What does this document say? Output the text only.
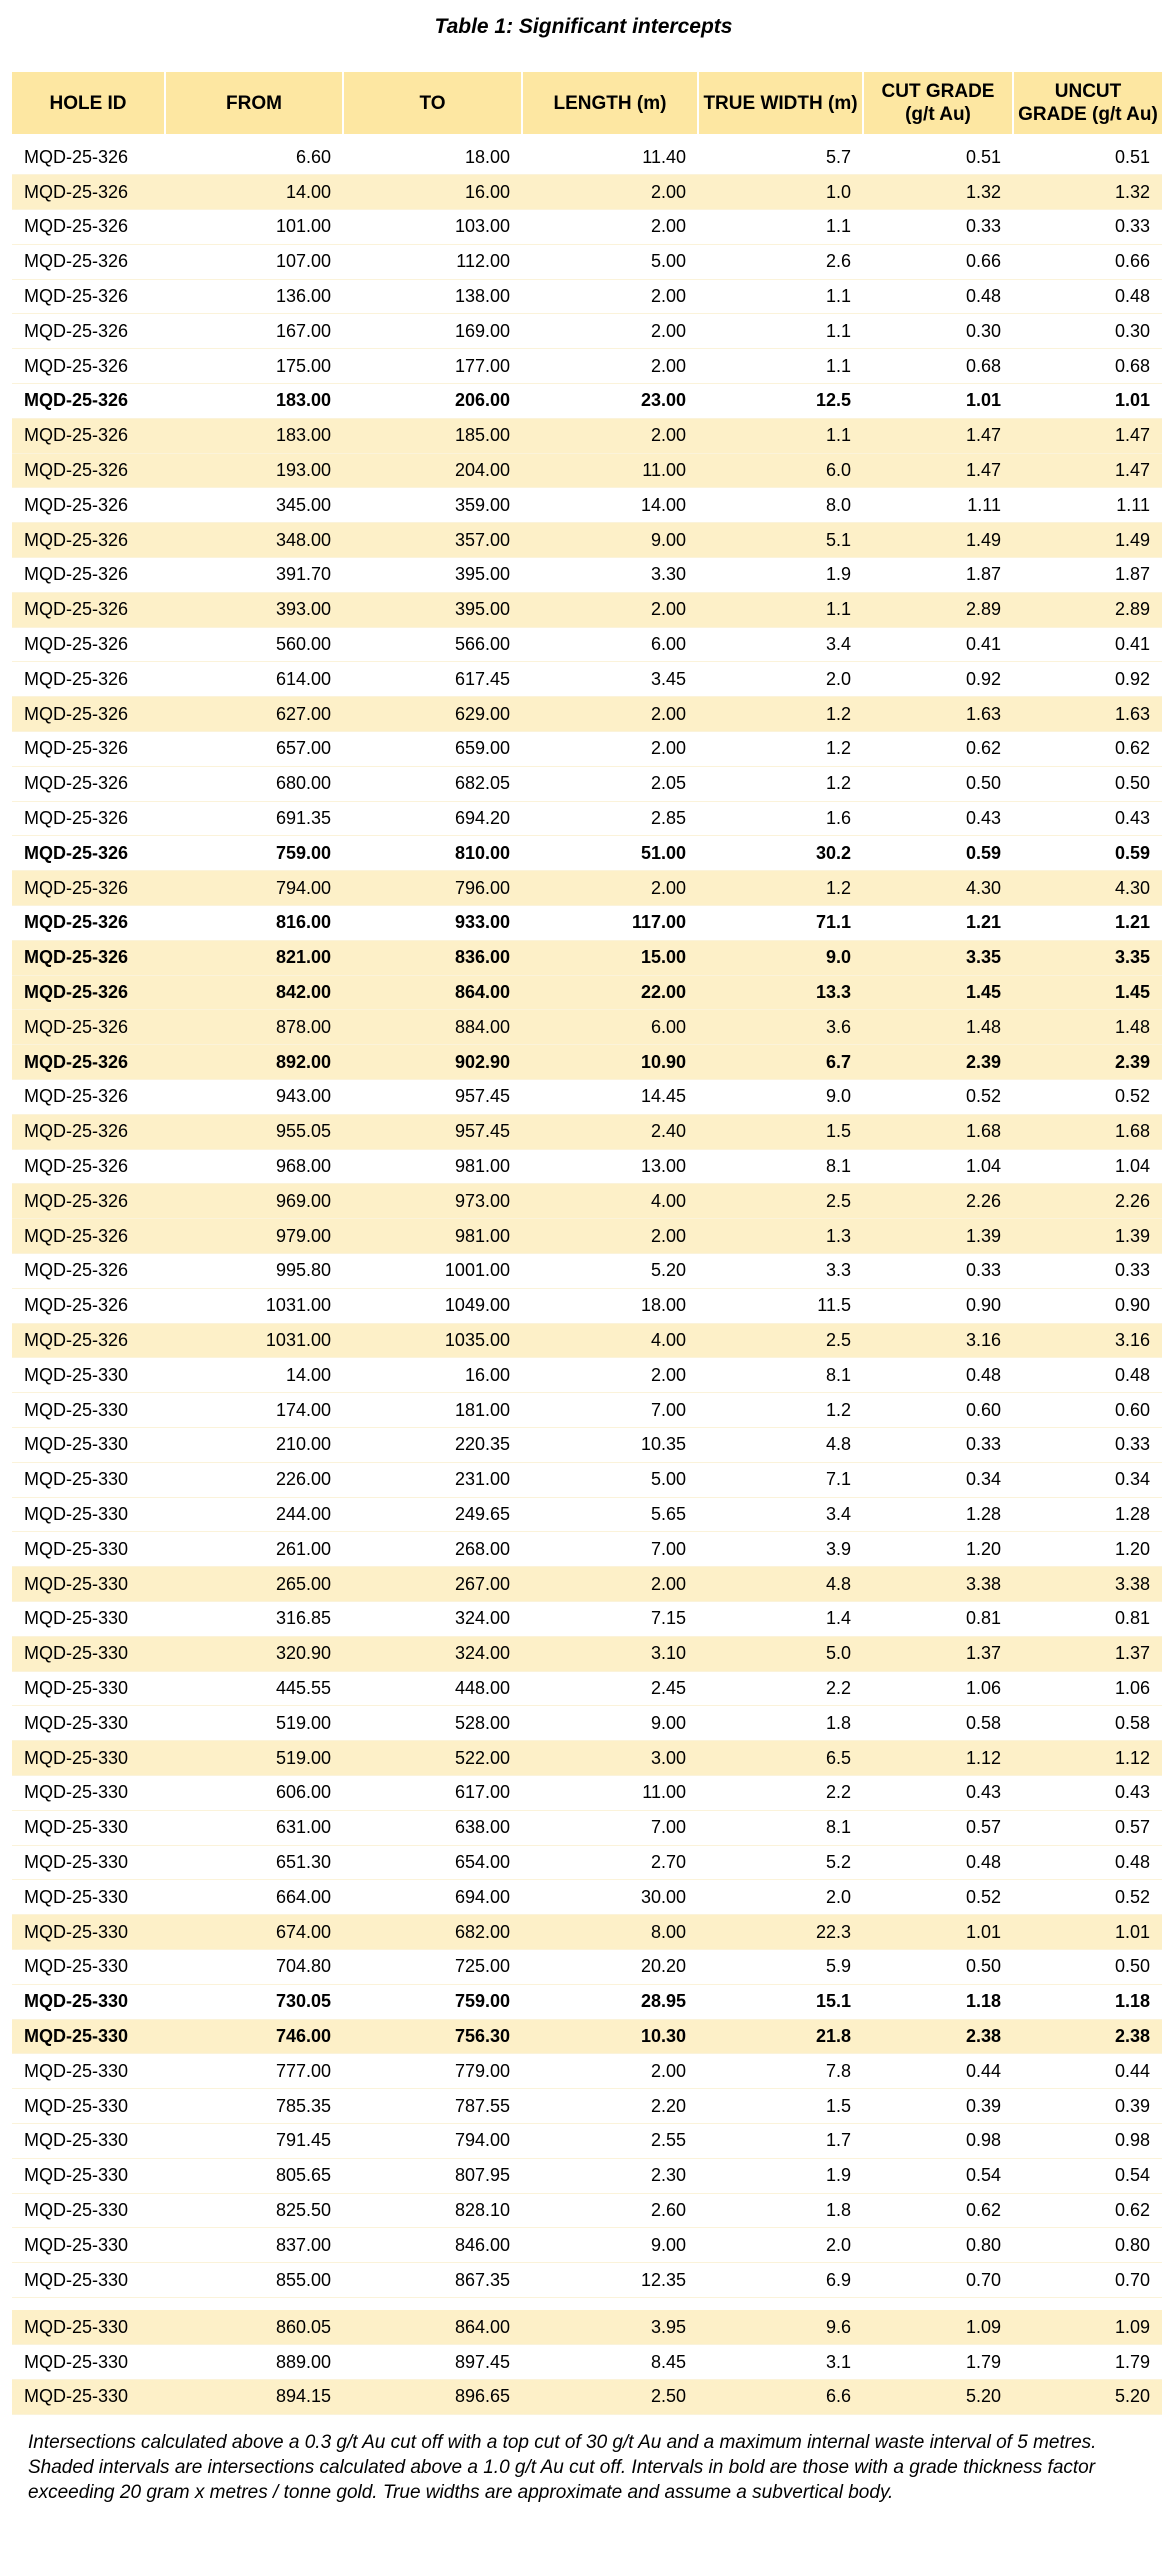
Table 1: Significant intercepts
HOLE ID	FROM	TO	LENGTH (m)	TRUE WIDTH (m)	CUT GRADE (g/t Au)	UNCUT GRADE (g/t Au)

MQD-25-326	6.60	18.00	11.40	5.7	0.51	0.51
MQD-25-326	14.00	16.00	2.00	1.0	1.32	1.32
MQD-25-326	101.00	103.00	2.00	1.1	0.33	0.33
MQD-25-326	107.00	112.00	5.00	2.6	0.66	0.66
MQD-25-326	136.00	138.00	2.00	1.1	0.48	0.48
MQD-25-326	167.00	169.00	2.00	1.1	0.30	0.30
MQD-25-326	175.00	177.00	2.00	1.1	0.68	0.68
MQD-25-326	183.00	206.00	23.00	12.5	1.01	1.01
MQD-25-326	183.00	185.00	2.00	1.1	1.47	1.47
MQD-25-326	193.00	204.00	11.00	6.0	1.47	1.47
MQD-25-326	345.00	359.00	14.00	8.0	1.11	1.11
MQD-25-326	348.00	357.00	9.00	5.1	1.49	1.49
MQD-25-326	391.70	395.00	3.30	1.9	1.87	1.87
MQD-25-326	393.00	395.00	2.00	1.1	2.89	2.89
MQD-25-326	560.00	566.00	6.00	3.4	0.41	0.41
MQD-25-326	614.00	617.45	3.45	2.0	0.92	0.92
MQD-25-326	627.00	629.00	2.00	1.2	1.63	1.63
MQD-25-326	657.00	659.00	2.00	1.2	0.62	0.62
MQD-25-326	680.00	682.05	2.05	1.2	0.50	0.50
MQD-25-326	691.35	694.20	2.85	1.6	0.43	0.43
MQD-25-326	759.00	810.00	51.00	30.2	0.59	0.59
MQD-25-326	794.00	796.00	2.00	1.2	4.30	4.30
MQD-25-326	816.00	933.00	117.00	71.1	1.21	1.21
MQD-25-326	821.00	836.00	15.00	9.0	3.35	3.35
MQD-25-326	842.00	864.00	22.00	13.3	1.45	1.45
MQD-25-326	878.00	884.00	6.00	3.6	1.48	1.48
MQD-25-326	892.00	902.90	10.90	6.7	2.39	2.39
MQD-25-326	943.00	957.45	14.45	9.0	0.52	0.52
MQD-25-326	955.05	957.45	2.40	1.5	1.68	1.68
MQD-25-326	968.00	981.00	13.00	8.1	1.04	1.04
MQD-25-326	969.00	973.00	4.00	2.5	2.26	2.26
MQD-25-326	979.00	981.00	2.00	1.3	1.39	1.39
MQD-25-326	995.80	1001.00	5.20	3.3	0.33	0.33
MQD-25-326	1031.00	1049.00	18.00	11.5	0.90	0.90
MQD-25-326	1031.00	1035.00	4.00	2.5	3.16	3.16
MQD-25-330	14.00	16.00	2.00	8.1	0.48	0.48
MQD-25-330	174.00	181.00	7.00	1.2	0.60	0.60
MQD-25-330	210.00	220.35	10.35	4.8	0.33	0.33
MQD-25-330	226.00	231.00	5.00	7.1	0.34	0.34
MQD-25-330	244.00	249.65	5.65	3.4	1.28	1.28
MQD-25-330	261.00	268.00	7.00	3.9	1.20	1.20
MQD-25-330	265.00	267.00	2.00	4.8	3.38	3.38
MQD-25-330	316.85	324.00	7.15	1.4	0.81	0.81
MQD-25-330	320.90	324.00	3.10	5.0	1.37	1.37
MQD-25-330	445.55	448.00	2.45	2.2	1.06	1.06
MQD-25-330	519.00	528.00	9.00	1.8	0.58	0.58
MQD-25-330	519.00	522.00	3.00	6.5	1.12	1.12
MQD-25-330	606.00	617.00	11.00	2.2	0.43	0.43
MQD-25-330	631.00	638.00	7.00	8.1	0.57	0.57
MQD-25-330	651.30	654.00	2.70	5.2	0.48	0.48
MQD-25-330	664.00	694.00	30.00	2.0	0.52	0.52
MQD-25-330	674.00	682.00	8.00	22.3	1.01	1.01
MQD-25-330	704.80	725.00	20.20	5.9	0.50	0.50
MQD-25-330	730.05	759.00	28.95	15.1	1.18	1.18
MQD-25-330	746.00	756.30	10.30	21.8	2.38	2.38
MQD-25-330	777.00	779.00	2.00	7.8	0.44	0.44
MQD-25-330	785.35	787.55	2.20	1.5	0.39	0.39
MQD-25-330	791.45	794.00	2.55	1.7	0.98	0.98
MQD-25-330	805.65	807.95	2.30	1.9	0.54	0.54
MQD-25-330	825.50	828.10	2.60	1.8	0.62	0.62
MQD-25-330	837.00	846.00	9.00	2.0	0.80	0.80
MQD-25-330	855.00	867.35	12.35	6.9	0.70	0.70

MQD-25-330	860.05	864.00	3.95	9.6	1.09	1.09
MQD-25-330	889.00	897.45	8.45	3.1	1.79	1.79
MQD-25-330	894.15	896.65	2.50	6.6	5.20	5.20
Intersections calculated above a 0.3 g/t Au cut off with a top cut of 30 g/t Au and a maximum internal waste interval of 5 metres. Shaded intervals are intersections calculated above a 1.0 g/t Au cut off. Intervals in bold are those with a grade thickness factor exceeding 20 gram x metres / tonne gold. True widths are approximate and assume a subvertical body.
